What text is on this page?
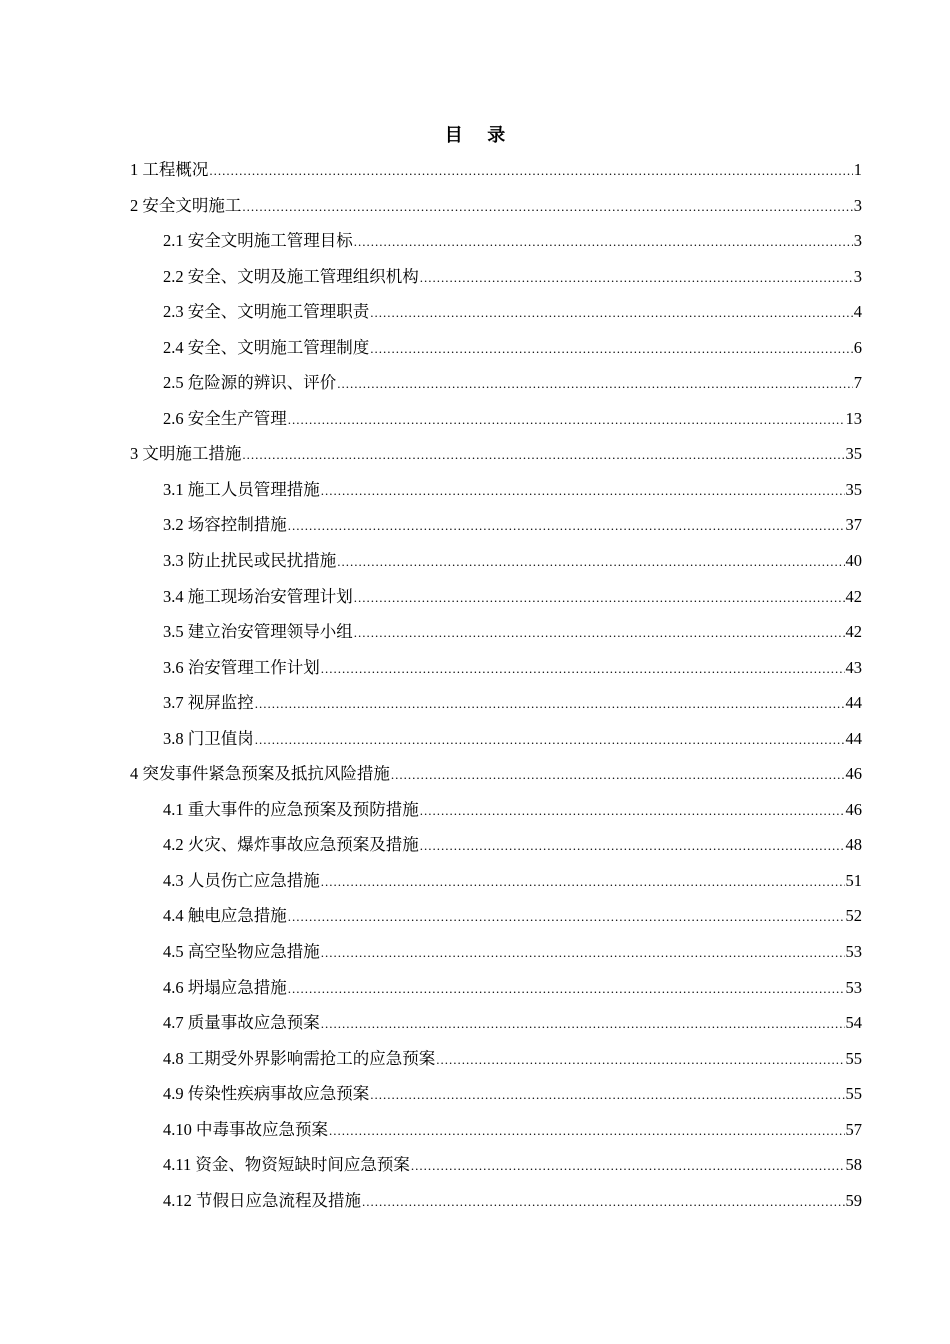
目 录
1 工程概况 .....	1
2 安全文明施工 .....	3
2.1 安全文明施工管理目标 .....	3
2.2 安全、文明及施工管理组织机构 .....	3
2.3 安全、文明施工管理职责 .....	4
2.4 安全、文明施工管理制度 .....	6
2.5 危险源的辨识、评价 .....	7
2.6 安全生产管理 .....	13
3 文明施工措施 .....	35
3.1 施工人员管理措施 .....	35
3.2 场容控制措施 .....	37
3.3 防止扰民或民扰措施 .....	40
3.4 施工现场治安管理计划 .....	42
3.5 建立治安管理领导小组 .....	42
3.6 治安管理工作计划 .....	43
3.7 视屏监控 .....	44
3.8 门卫值岗 .....	44
4 突发事件紧急预案及抵抗风险措施 .....	46
4.1 重大事件的应急预案及预防措施 .....	46
4.2 火灾、爆炸事故应急预案及措施 .....	48
4.3 人员伤亡应急措施 .....	51
4.4 触电应急措施 .....	52
4.5 高空坠物应急措施 .....	53
4.6 坍塌应急措施 .....	53
4.7 质量事故应急预案 .....	54
4.8 工期受外界影响需抢工的应急预案 .....	55
4.9 传染性疾病事故应急预案 .....	55
4.10 中毒事故应急预案 .....	57
4.11 资金、物资短缺时间应急预案 .....	58
4.12 节假日应急流程及措施 .....	59
